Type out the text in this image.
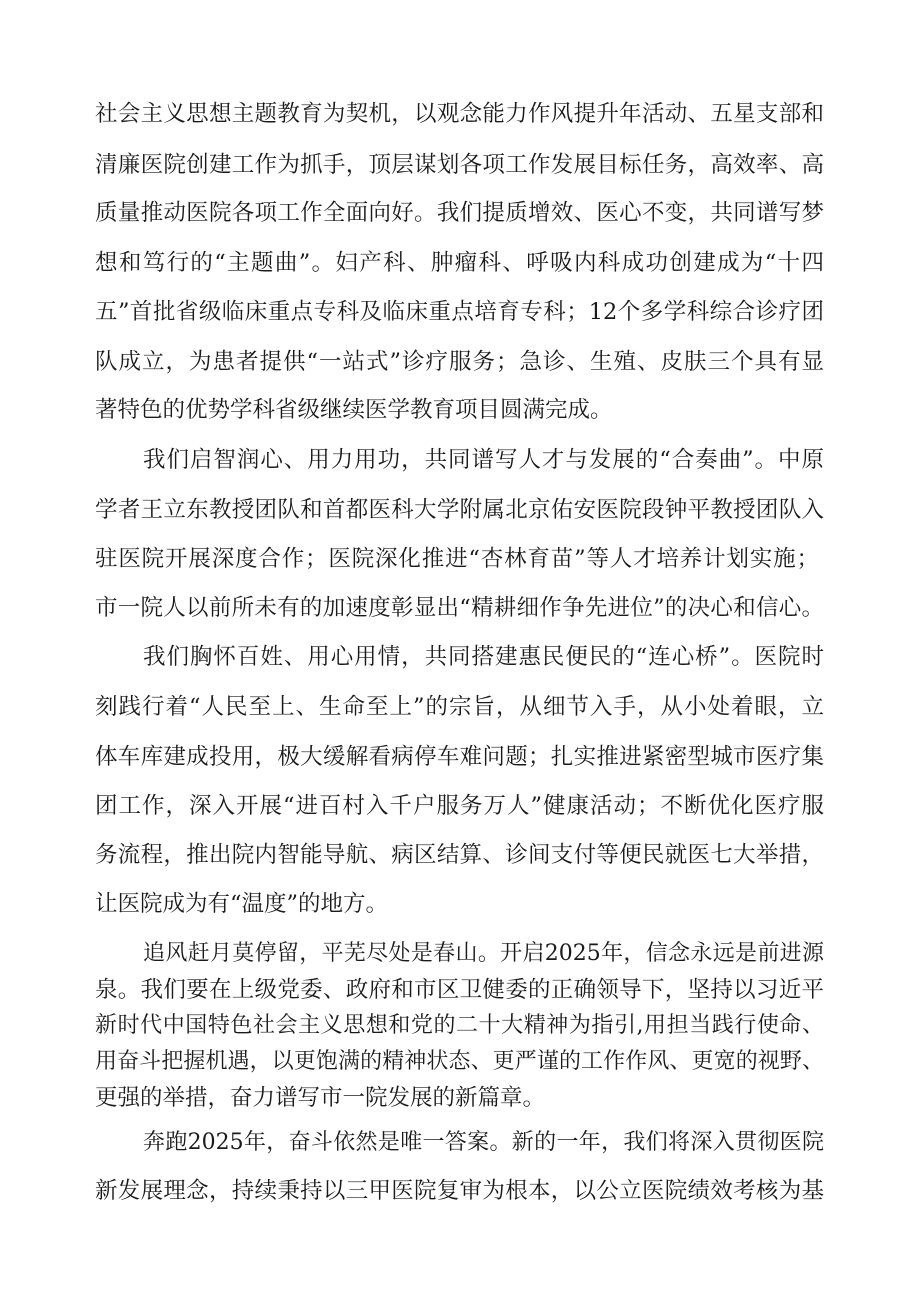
社会主义思想主题教育为契机，以观念能力作风提升年活动、五星支部和
清廉医院创建工作为抓手，顶层谋划各项工作发展目标任务，高效率、高
质量推动医院各项工作全面向好。我们提质增效、医心不变，共同谱写梦
想和笃行的“主题曲”。妇产科、肿瘤科、呼吸内科成功创建成为“十四
五”首批省级临床重点专科及临床重点培育专科；12个多学科综合诊疗团
队成立，为患者提供“一站式”诊疗服务；急诊、生殖、皮肤三个具有显
著特色的优势学科省级继续医学教育项目圆满完成。
我们启智润心、用力用功，共同谱写人才与发展的“合奏曲”。中原
学者王立东教授团队和首都医科大学附属北京佑安医院段钟平教授团队入
驻医院开展深度合作；医院深化推进“杏林育苗”等人才培养计划实施；
市一院人以前所未有的加速度彰显出“精耕细作争先进位”的决心和信心。
我们胸怀百姓、用心用情，共同搭建惠民便民的“连心桥”。医院时
刻践行着“人民至上、生命至上”的宗旨，从细节入手，从小处着眼，立
体车库建成投用，极大缓解看病停车难问题；扎实推进紧密型城市医疗集
团工作，深入开展“进百村入千户服务万人”健康活动；不断优化医疗服
务流程，推出院内智能导航、病区结算、诊间支付等便民就医七大举措，
让医院成为有“温度”的地方。
追风赶月莫停留，平芜尽处是春山。开启2025年，信念永远是前进源
泉。我们要在上级党委、政府和市区卫健委的正确领导下，坚持以习近平
新时代中国特色社会主义思想和党的二十大精神为指引,用担当践行使命、
用奋斗把握机遇，以更饱满的精神状态、更严谨的工作作风、更宽的视野、
更强的举措，奋力谱写市一院发展的新篇章。
奔跑2025年，奋斗依然是唯一答案。新的一年，我们将深入贯彻医院
新发展理念，持续秉持以三甲医院复审为根本，以公立医院绩效考核为基
